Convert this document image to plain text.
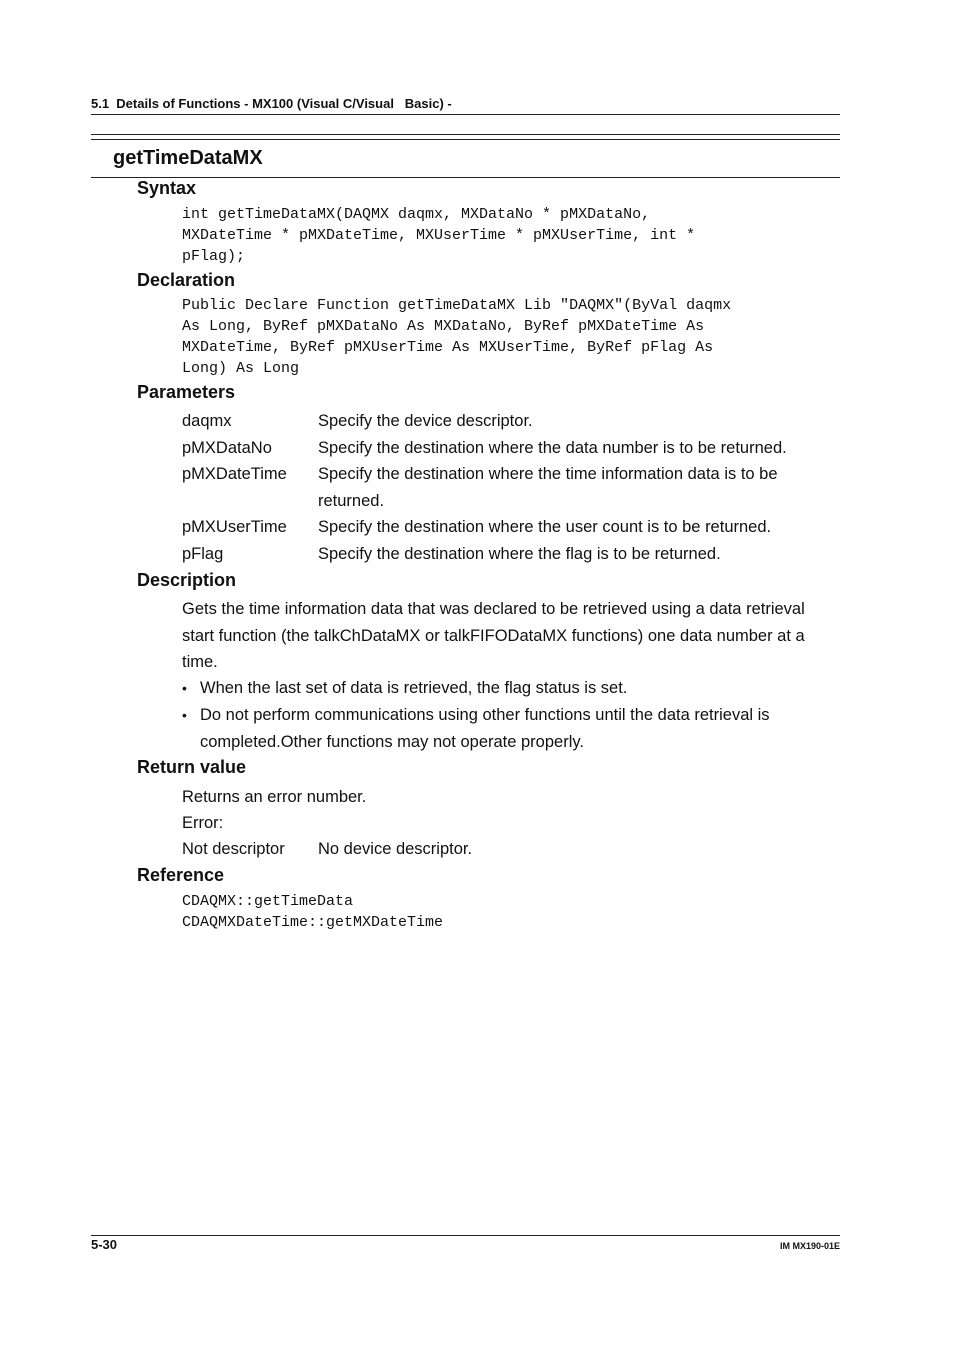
5.1  Details of Functions - MX100 (Visual C/Visual   Basic) -
getTimeDataMX
Syntax
int getTimeDataMX(DAQMX daqmx, MXDataNo * pMXDataNo,
MXDateTime * pMXDateTime, MXUserTime * pMXUserTime, int *
pFlag);
Declaration
Public Declare Function getTimeDataMX Lib "DAQMX"(ByVal daqmx
As Long, ByRef pMXDataNo As MXDataNo, ByRef pMXDateTime As
MXDateTime, ByRef pMXUserTime As MXUserTime, ByRef pFlag As
Long) As Long
Parameters
daqmx	Specify the device descriptor.
pMXDataNo	Specify the destination where the data number is to be returned.
pMXDateTime Specify the destination where the time information data is to be returned.
pMXUserTime Specify the destination where the user count is to be returned.
pFlag	Specify the destination where the flag is to be returned.
Description
Gets the time information data that was declared to be retrieved using a data retrieval start function (the talkChDataMX or talkFIFODataMX functions) one data number at a time.
• When the last set of data is retrieved, the flag status is set.
• Do not perform communications using other functions until the data retrieval is completed.Other functions may not operate properly.
Return value
Returns an error number.
Error:
Not descriptor No device descriptor.
Reference
CDAQMX::getTimeData
CDAQMXDateTime::getMXDateTime
5-30	IM MX190-01E
